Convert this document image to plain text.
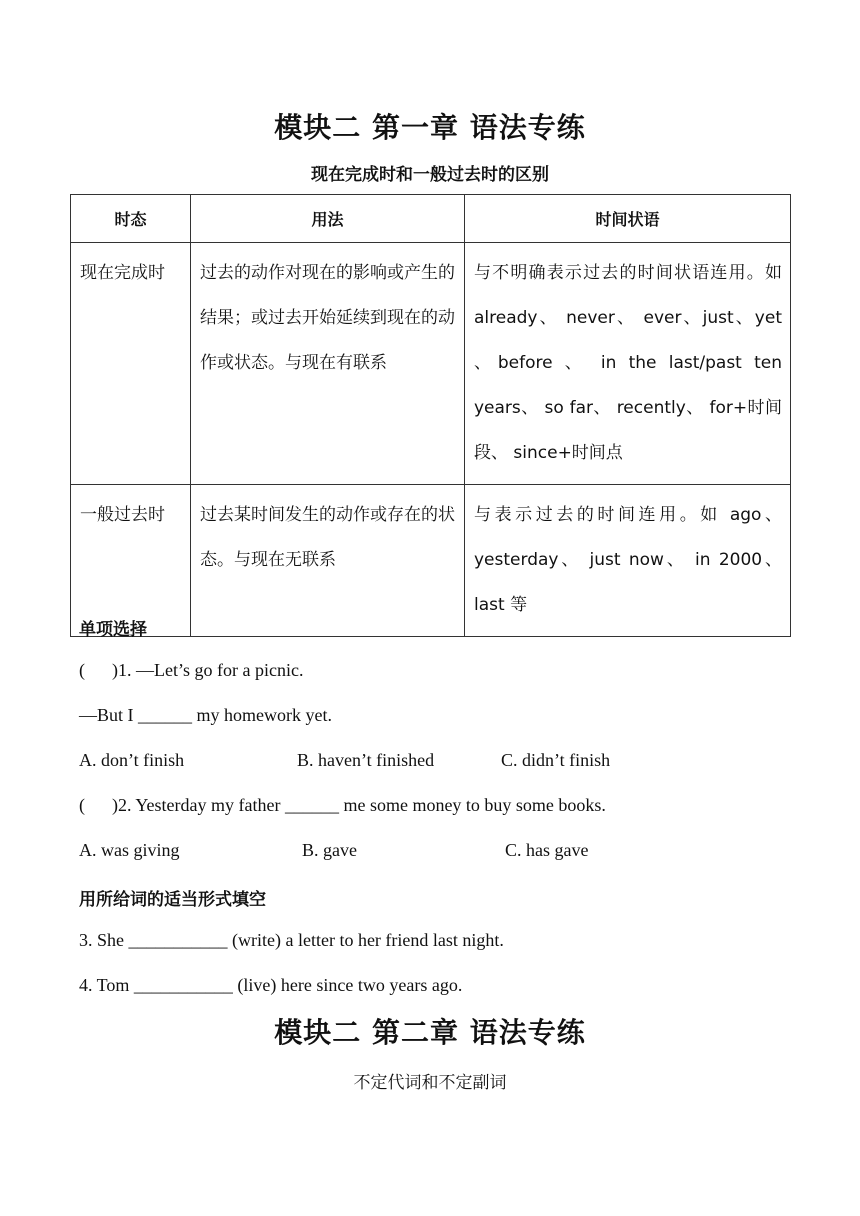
模块二 第一章 语法专练
现在完成时和一般过去时的区别
时态	用法	时间状语
现在完成时	过去的动作对现在的影响或产生的结果；或过去开始延续到现在的动作或状态。与现在有联系	与不明确表示过去的时间状语连用。如 already、 never、 ever、just、yet 、before 、 in the last/past ten years、 so far、 recently、 for+时间段、 since+时间点
一般过去时	过去某时间发生的动作或存在的状态。与现在无联系	与表示过去的时间连用。如 ago、yesterday、 just now、 in 2000、 last 等
单项选择
(      )1. —Let’s go for a picnic.
—But I ______ my homework yet.
A. don’t finish	B. haven’t finished	C. didn’t finish
(      )2. Yesterday my father ______ me some money to buy some books.
A. was giving	B. gave	C. has gave
用所给词的适当形式填空
3. She ___________ (write) a letter to her friend last night.
4. Tom ___________ (live) here since two years ago.
模块二 第二章 语法专练
不定代词和不定副词
